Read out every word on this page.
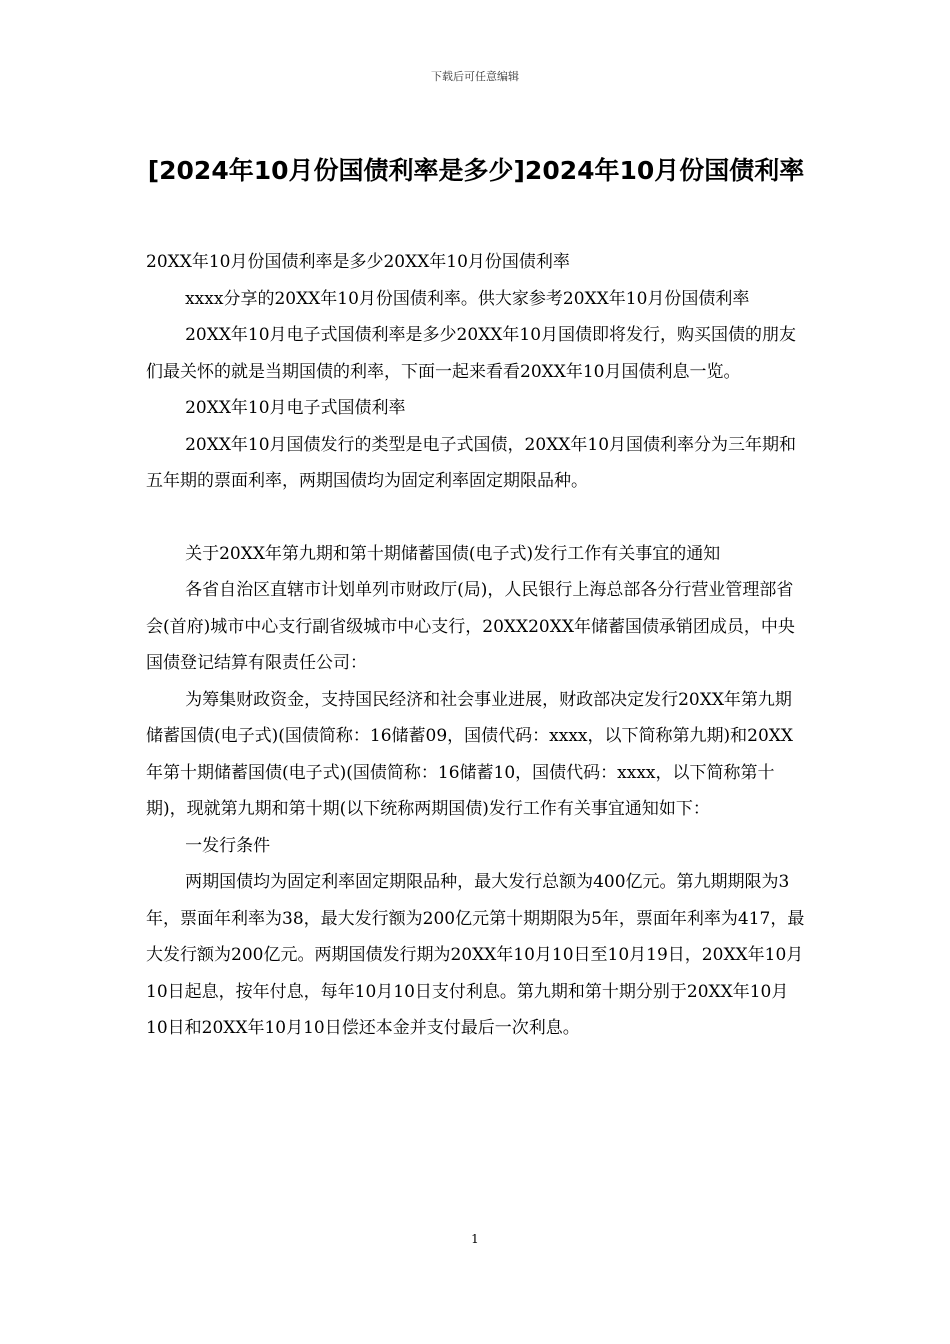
下载后可任意编辑
[2024年10月份国债利率是多少]2024年10月份国债利率

20XX年10月份国债利率是多少20XX年10月份国债利率

xxxx分享的20XX年10月份国债利率。供大家参考20XX年10月份国债利率

20XX年10月电子式国债利率是多少20XX年10月国债即将发行，购买国债的朋友们最关怀的就是当期国债的利率，下面一起来看看20XX年10月国债利息一览。

20XX年10月电子式国债利率

20XX年10月国债发行的类型是电子式国债，20XX年10月国债利率分为三年期和五年期的票面利率，两期国债均为固定利率固定期限品种。

关于20XX年第九期和第十期储蓄国债(电子式)发行工作有关事宜的通知

各省自治区直辖市计划单列市财政厅(局)，人民银行上海总部各分行营业管理部省会(首府)城市中心支行副省级城市中心支行，20XX20XX年储蓄国债承销团成员，中央国债登记结算有限责任公司：

为筹集财政资金，支持国民经济和社会事业进展，财政部决定发行20XX年第九期储蓄国债(电子式)(国债简称：16储蓄09，国债代码：xxxx，以下简称第九期)和20XX年第十期储蓄国债(电子式)(国债简称：16储蓄10，国债代码：xxxx，以下简称第十期)，现就第九期和第十期(以下统称两期国债)发行工作有关事宜通知如下：

一发行条件

两期国债均为固定利率固定期限品种，最大发行总额为400亿元。第九期期限为3年，票面年利率为38，最大发行额为200亿元第十期期限为5年，票面年利率为417，最大发行额为200亿元。两期国债发行期为20XX年10月10日至10月19日，20XX年10月10日起息，按年付息，每年10月10日支付利息。第九期和第十期分别于20XX年10月10日和20XX年10月10日偿还本金并支付最后一次利息。

1
